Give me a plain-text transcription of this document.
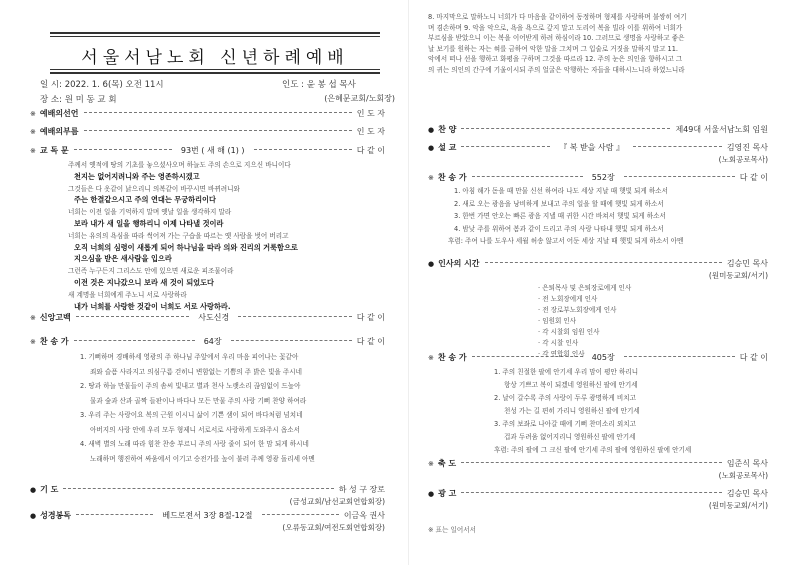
서울서남노회 신년하례예배
일 시: 2022. 1. 6(목) 오전 11시
장 소: 원 미 동 교 회
인도 : 윤 봉 섭 목사
(은혜문교회/노회장)
※ 예배의선언	인 도 자
※ 예배의부름	인 도 자
※ 교 독 문	93번 ( 새 해 (1) )	다 같 이
※ 신앙고백	사도신경	다 같 이
※ 찬 송 가	64장	다 같 이
● 기 도	하 성 구 장로
(금성교회/남선교회연합회장)
● 성경봉독	베드로전서 3장 8절-12절	이금옥 권사
(오류동교회/여전도회연합회장)
주께서 옛적에 땅의 기초를 놓으셨사오며 하늘도 주의 손으로 지으신 바니이다
천지는 없어지려니와 주는 영존하시겠고
그것들은 다 옷같이 낡으리니 의복같이 바꾸시면 바뀌려니와
주는 한결같으시고 주의 연대는 무궁하리이다
너희는 이전 일을 기억하지 말며 옛날 일을 생각하지 말라
보라 내가 새 일을 행하리니 이제 나타낼 것이라
너희는 유의의 욕심을 따라 썩어져 가는 구습을 따르는 옛 사람을 벗어 버리고
오직 너희의 심령이 새롭게 되어 하나님을 따라 의와 진리의 거룩함으로
지으심을 받은 새사람을 입으라
그런즉 누구든지 그리스도 안에 있으면 새로운 피조물이라
이전 것은 지나갔으니 보라 새 것이 되었도다
새 계명을 너희에게 주노니 서로 사랑하라
내가 너희를 사랑한 것같이 너희도 서로 사랑하라.
1. 기뻐하며 경배하세 영광의 주 하나님 주앞에서 우리 마음 피어나는 꽃같아
죄와 슬픔 사라지고 의심구름 걷히니 변함없는 기쁨의 주 밝은 빛을 주시네
2. 땅과 하늘 만물들이 주의 솜씨 빛내고 별과 천사 노랫소리 끊임없이 드높아
물과 숲과 산과 골짝 들판이나 바다나 모든 만물 주의 사랑 기뻐 찬양 하여라
3. 우리 주는 사랑이요 복의 근원 이시니 삶이 기쁜 샘이 되어 바다처럼 넘치네
아버지의 사랑 안에 우리 모두 형제니 서로서로 사랑하게 도와주시 옵소서
4. 새벽 별의 노래 따라 힘찬 찬송 부르니 주의 사랑 줄이 되어 한 맘 되게 하시네
노래하며 행진하여 싸움에서 이기고 승전가를 높이 불러 주께 영광 돌리세 아멘
8. 마지막으로 말하노니 너희가 다 마음을 같이하여 동정하며 형제를 사랑하며 불쌍히 여기
며 겸손하며 9. 악을 악으로, 욕을 욕으로 갚지 말고 도리어 복을 빌라 이를 위하여 너희가
부르심을 받았으니 이는 복을 이어받게 하려 하심이라 10. 그러므로 생명을 사랑하고 좋은
날 보기를 원하는 자는 혀를 금하여 악한 말을 그치며 그 입술로 거짓을 말하지 말고 11.
악에서 떠나 선을 행하고 화평을 구하며 그것을 따르라 12. 주의 눈은 의인을 향하시고 그
의 귀는 의인의 간구에 기울이시되 주의 얼굴은 악행하는 자들을 대하시느니라 하였느니라
● 찬 양	제49대 서울서남노회 임원
● 설 교	『 복 받을 사람 』	김영진 목사
(노회공로목사)
※ 찬 송 가	552장	다 같 이
● 인사의 시간	김승민 목사
(원미동교회/서기)
※ 찬 송 가	405장	다 같 이
※ 축 도	임준식 목사
(노회공로목사)
● 광 고	김승민 목사
(원미동교회/서기)
※ 표는 일어서서
1. 아침 해가 돋을 때 만물 신선 하여라 나도 세상 지날 때 햇빛 되게 하소서
2. 새로 오는 광음을 낭비하게 보내고 주의 일을 할 때에 햇빛 되게 하소서
3. 한번 가면 안오는 빠른 광음 지낼 때 귀한 시간 바쳐서 햇빛 되게 하소서
4. 밤낮 주를 위하여 봄과 같이 드리고 주의 사랑 나타내 햇빛 되게 하소서
후렴: 주여 나를 도우사 세월 허송 않고서 어둔 세상 지날 때 햇빛 되게 하소서 아멘
1. 주의 친절한 팔에 안기세 우리 맘이 평안 하리니
항상 기쁘고 복이 되겠네 영원하신 팔에 안기세
2. 날이 갈수록 주의 사랑이 두루 광명하게 비치고
천성 가는 길 편히 가리니 영원하신 팔에 안기세
3. 주의 보좌로 나아갈 때에 기뻐 찬미소리 외치고
겁과 두려움 없어지리니 영원하신 팔에 안기세
후렴: 주의 팔에 그 크신 팔에 안기세 주의 팔에 영원하신 팔에 안기세
· 은퇴목사 및 은퇴장로에게 인사
· 전 노회장에게 인사
· 전 장로부노회장에게 인사
· 임원회 인사
· 각 시찰회 임원 인사
· 각 시찰 인사
· 각 연합회 인사
